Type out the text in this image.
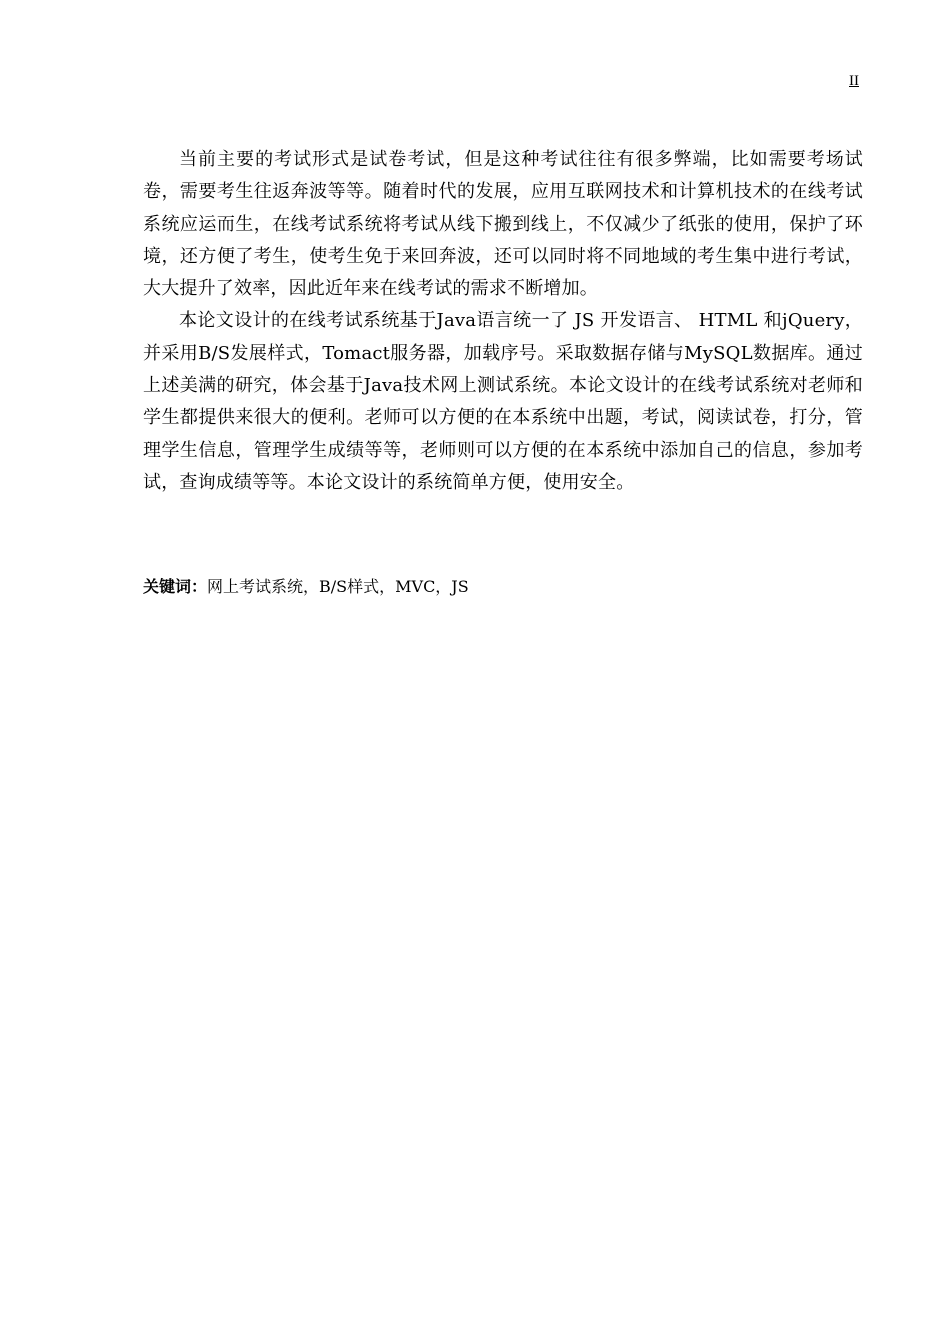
II

当前主要的考试形式是试卷考试，但是这种考试往往有很多弊端，比如需要考场试卷，需要考生往返奔波等等。随着时代的发展，应用互联网技术和计算机技术的在线考试系统应运而生，在线考试系统将考试从线下搬到线上，不仅减少了纸张的使用，保护了环境，还方便了考生，使考生免于来回奔波，还可以同时将不同地域的考生集中进行考试，大大提升了效率，因此近年来在线考试的需求不断增加。

本论文设计的在线考试系统基于Java语言统一了 JS 开发语言、 HTML 和jQuery，并采用B/S发展样式，Tomact服务器，加载序号。采取数据存储与MySQL数据库。通过上述美满的研究，体会基于Java技术网上测试系统。本论文设计的在线考试系统对老师和学生都提供来很大的便利。老师可以方便的在本系统中出题，考试，阅读试卷，打分，管理学生信息，管理学生成绩等等，老师则可以方便的在本系统中添加自己的信息，参加考试，查询成绩等等。本论文设计的系统简单方便，使用安全。

关键词：网上考试系统，B/S样式，MVC，JS
